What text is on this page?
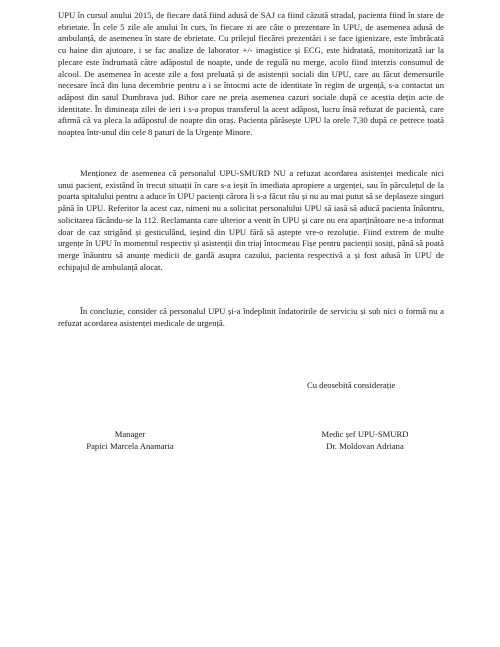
UPU în cursul anului 2015, de fiecare dată fiind adusă de SAJ ca fiind căzută stradal, pacienta fiind în stare de ebrietate. În cele 5 zile ale anului în curs, în fiecare zi are câte o prezentare în UPU, de asemenea adusă de ambulanță, de asemenea în stare de ebrietate. Cu prilejul fiecărei prezentări i se face igienizare, este îmbrăcată cu haine din ajutoare, i se fac analize de laborator +/- imagistice și ECG, este hidratată, monitorizată iar la plecare este îndrumată către adăpostul de noapte, unde de regulă nu merge, acolo fiind interzis consumul de alcool. De asemenea în aceste zile a fost preluată și de asistenții sociali din UPU, care au făcut demersurile necesare încă din luna decembrie pentru a i se întocmi acte de identitate în regim de urgență, s-a contactat un adăpost din satul Dumbrava jud. Bihor care ne preia asemenea cazuri sociale după ce aceștia dețin acte de identitate. În dimineața zilei de ieri i s-a propus transferul la acest adăpost, lucru însă refuzat de pacientă, care afirmă că va pleca la adăpostul de noapte din oraș. Pacienta părăsește UPU la orele 7,30 după ce petrece toată noaptea într-unul din cele 8 paturi de la Urgențe Minore.

Menționez de asemenea că personalul UPU-SMURD NU a refuzat acordarea asistenței medicale nici unui pacient, existând în trecut situații în care s-a ieșit în imediata apropiere a urgenței, sau în părculețul de la poarta spitalului pentru a aduce în UPU pacienți cărora li s-a făcut rău și nu au mai putut să se deplaseze singuri până în UPU. Referitor la acest caz, nimeni nu a solicitat personalului UPU să iasă să aducă pacienta înăuntru, solicitarea făcându-se la 112. Reclamanta care ulterior a venit în UPU și care nu era aparținătoare ne-a informat doar de caz strigând și gesticulând, ieșind din UPU fără să aștepte vre-o rezoluție. Fiind extrem de multe urgențe în UPU în momentul respectiv și asistenții din triaj întocmeau Fișe pentru pacienții sosiți, până să poată merge înăuntru să anunțe medicii de gardă asupra cazului, pacienta respectivă a și fost adusă în UPU de echipajul de ambulanță alocat.

În concluzie, consider că personalul UPU și-a îndeplinit îndatoririle de serviciu și sub nici o formă nu a refuzat acordarea asistenței medicale de urgență.

Cu deosebită considerație
Manager
Papici Marcela Anamaria
Medic șef UPU-SMURD
Dr. Moldovan Adriana
